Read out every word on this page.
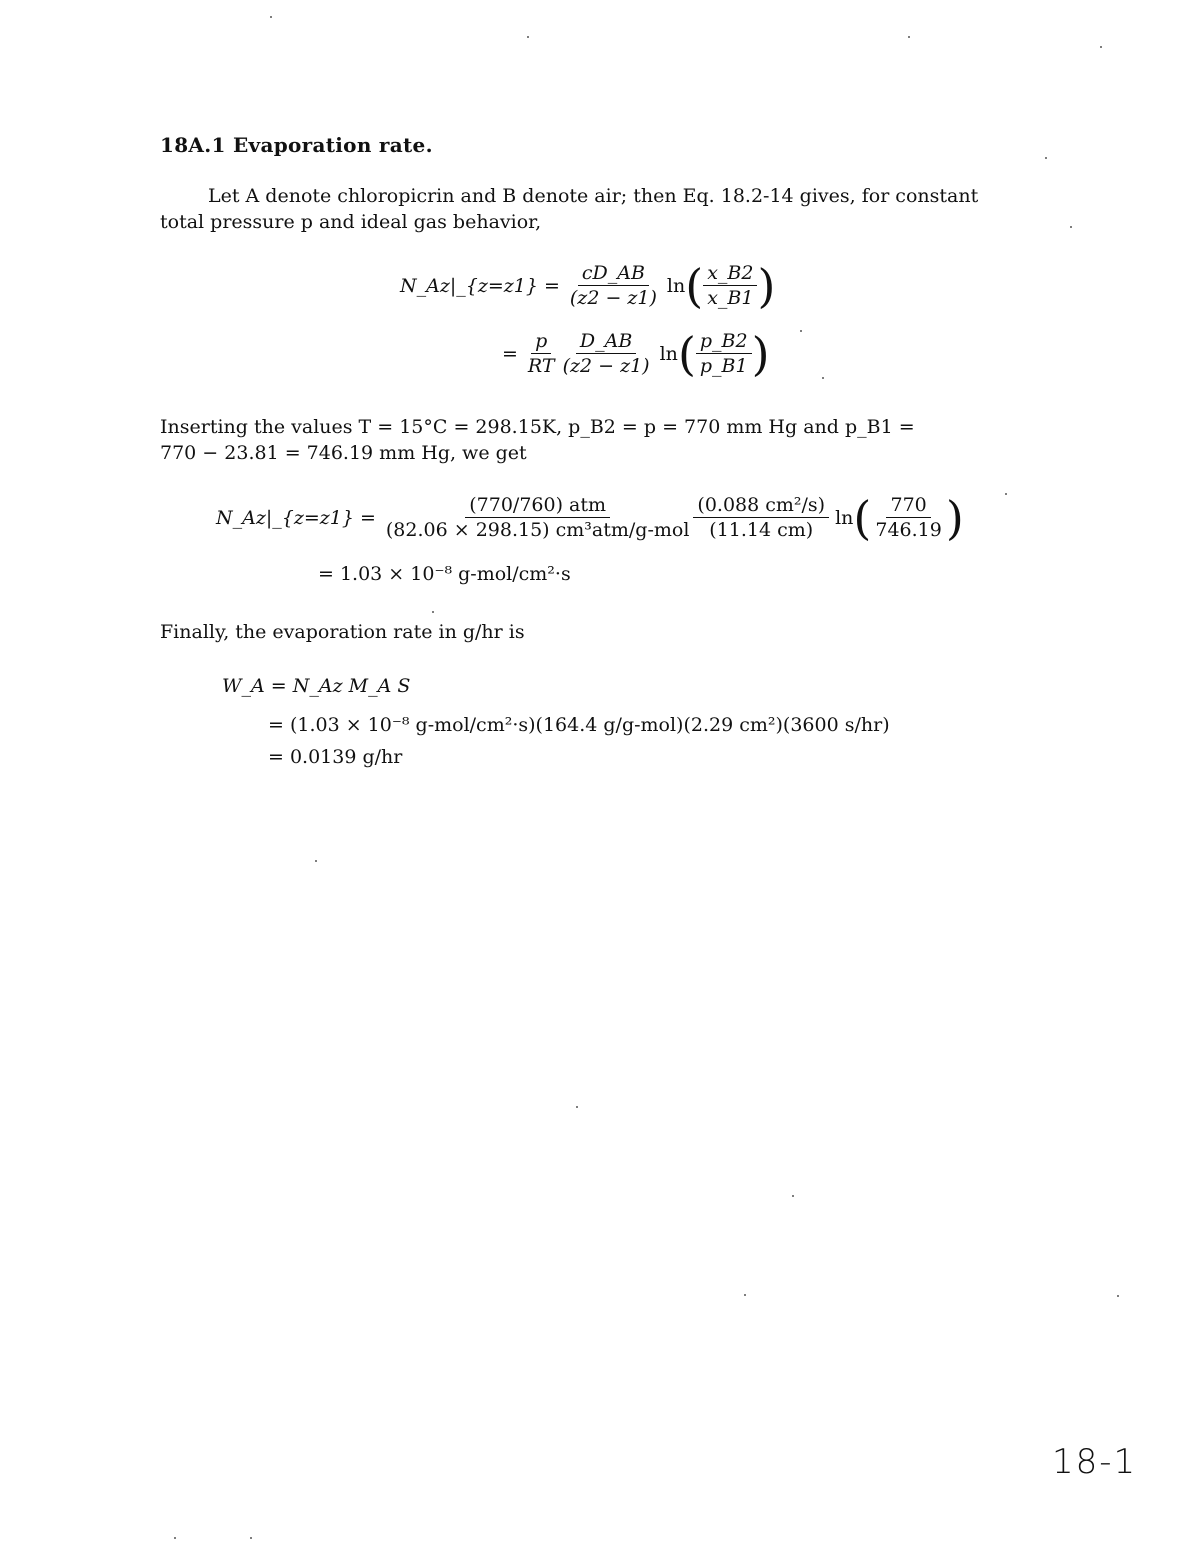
18A.1 Evaporation rate.
Let A denote chloropicrin and B denote air; then Eq. 18.2-14 gives, for constant
total pressure p and ideal gas behavior,
N_Az|_{z=z1} = $\frac{cD\_AB}{(z2 - z1)}$ ln ( $\frac{x\_B2}{x\_B1}$ )
= $\frac{p}{RT} \frac{D\_AB}{(z2 - z1)}$ ln ( $\frac{p\_B2}{p\_B1}$ )
Inserting the values T = 15°C = 298.15K, p_B2 = p = 770 mm Hg and p_B1 =
770 − 23.81 = 746.19 mm Hg, we get
N_Az|_{z=z1} = $\frac{\text{(770/760) atm}}{\text{(82.06 × 298.15) cm³atm/g-mol}} \frac{\text{(0.088 cm²/s)}}{(11.14 cm)}$ ln ( $\frac{770}{746.19}$ )
= 1.03 × 10⁻⁸ g-mol/cm²·s
Finally, the evaporation rate in g/hr is
W_A = N_Az M_A S
= (1.03 × 10⁻⁸ g-mol/cm²·s)(164.4 g/g-mol)(2.29 cm²)(3600 s/hr)
= 0.0139 g/hr
18-1
